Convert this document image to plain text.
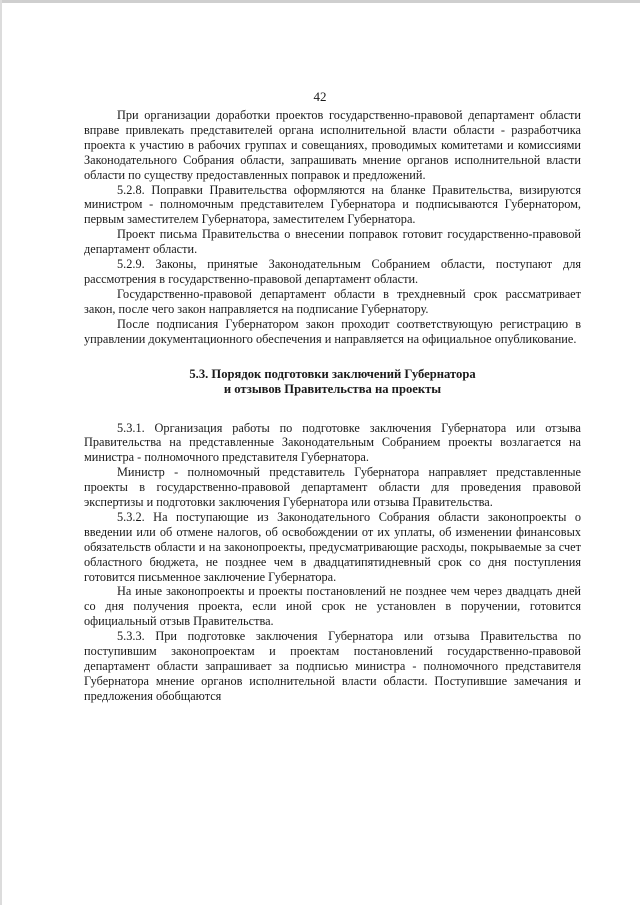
42

При организации доработки проектов государственно-правовой департамент области вправе привлекать представителей органа исполнительной власти области - разработчика проекта к участию в рабочих группах и совещаниях, проводимых комитетами и комиссиями Законодательного Собрания области, запрашивать мнение органов исполнительной власти области по существу предоставленных поправок и предложений.

5.2.8. Поправки Правительства оформляются на бланке Правительства, визируются министром - полномочным представителем Губернатора и подписываются Губернатором, первым заместителем Губернатора, заместителем Губернатора.

Проект письма Правительства о внесении поправок готовит государственно-правовой департамент области.

5.2.9. Законы, принятые Законодательным Собранием области, поступают для рассмотрения в государственно-правовой департамент области.

Государственно-правовой департамент области в трехдневный срок рассматривает закон, после чего закон направляется на подписание Губернатору.

После подписания Губернатором закон проходит соответствующую регистрацию в управлении документационного обеспечения и направляется на официальное опубликование.

5.3. Порядок подготовки заключений Губернатора
и отзывов Правительства на проекты

5.3.1. Организация работы по подготовке заключения Губернатора или отзыва Правительства на представленные Законодательным Собранием проекты возлагается на министра - полномочного представителя Губернатора.

Министр - полномочный представитель Губернатора направляет представленные проекты в государственно-правовой департамент области для проведения правовой экспертизы и подготовки заключения Губернатора или отзыва Правительства.

5.3.2. На поступающие из Законодательного Собрания области законопроекты о введении или об отмене налогов, об освобождении от их уплаты, об изменении финансовых обязательств области и на законопроекты, предусматривающие расходы, покрываемые за счет областного бюджета, не позднее чем в двадцатипятидневный срок со дня поступления готовится письменное заключение Губернатора.

На иные законопроекты и проекты постановлений не позднее чем через двадцать дней со дня получения проекта, если иной срок не установлен в поручении, готовится официальный отзыв Правительства.

5.3.3. При подготовке заключения Губернатора или отзыва Правительства по поступившим законопроектам и проектам постановлений государственно-правовой департамент области запрашивает за подписью министра - полномочного представителя Губернатора мнение органов исполнительной власти области. Поступившие замечания и предложения обобщаются
